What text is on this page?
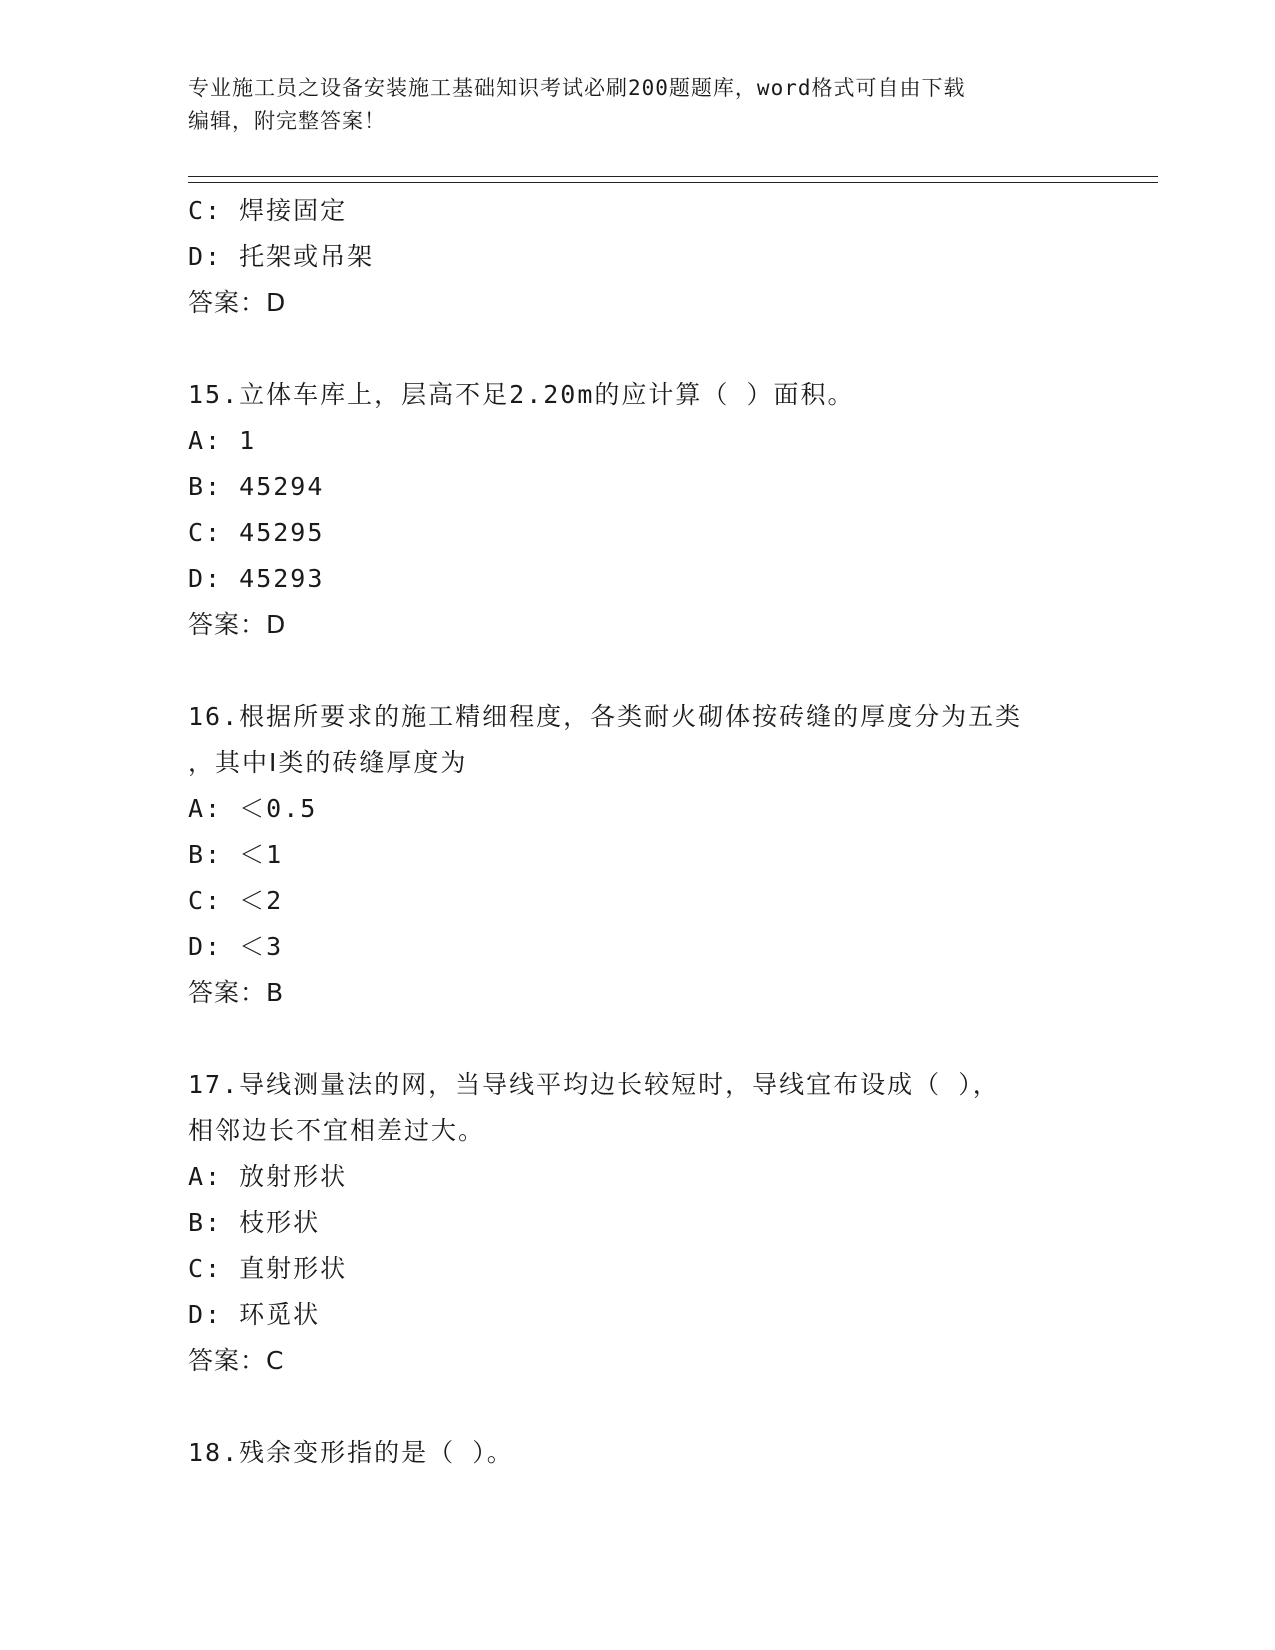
专业施工员之设备安装施工基础知识考试必刷200题题库，word格式可自由下载
编辑，附完整答案！
C: 焊接固定
D: 托架或吊架
答案：D
15.立体车库上，层高不足2.20m的应计算（ ）面积。
A: 1
B: 45294
C: 45295
D: 45293
答案：D
16.根据所要求的施工精细程度，各类耐火砌体按砖缝的厚度分为五类
，其中Ⅰ类的砖缝厚度为
A: ＜0.5
B: ＜1
C: ＜2
D: ＜3
答案：B
17.导线测量法的网，当导线平均边长较短时，导线宜布设成（ ），
相邻边长不宜相差过大。
A: 放射形状
B: 枝形状
C: 直射形状
D: 环觅状
答案：C
18.残余变形指的是（ ）。
